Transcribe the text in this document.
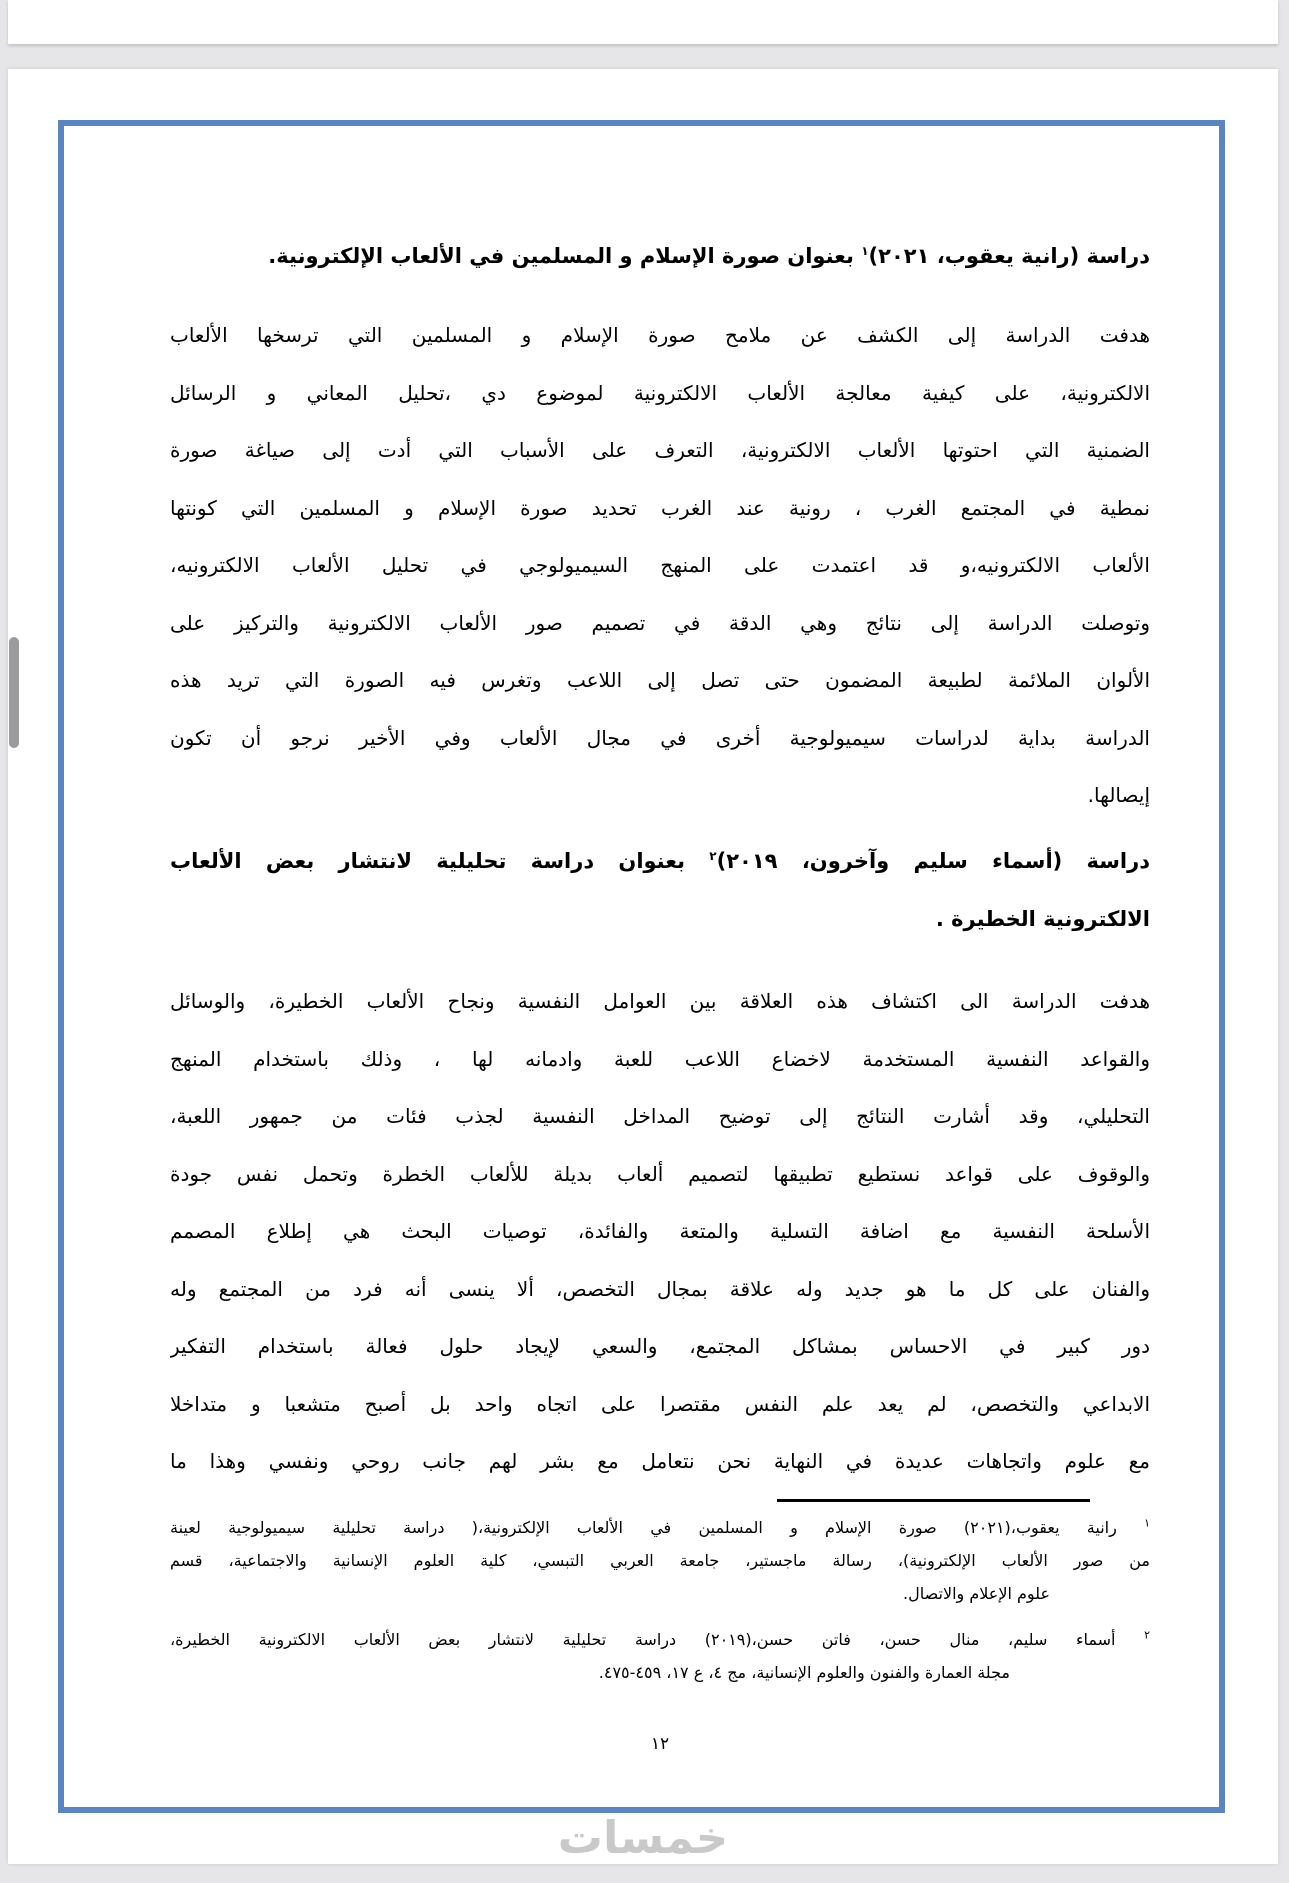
دراسة (رانية يعقوب، ٢٠٢١)$^١$ بعنوان صورة الإسلام و المسلمين في الألعاب الإلكترونية.
هدفت الدراسة إلى الكشف عن ملامح صورة الإسلام و المسلمين التي ترسخها الألعاب
الالكترونية، على كيفية معالجة الألعاب الالكترونية لموضوع دي ،تحليل المعاني و الرسائل
الضمنية التي احتوتها الألعاب الالكترونية، التعرف على الأسباب التي أدت إلى صياغة صورة
نمطية في المجتمع الغرب ، رونية عند الغرب تحديد صورة الإسلام و المسلمين التي كونتها
الألعاب الالكترونيه،و قد اعتمدت على المنهج السيميولوجي في تحليل الألعاب الالكترونيه،
وتوصلت الدراسة إلى نتائج وهي الدقة في تصميم صور الألعاب الالكترونية والتركيز على
الألوان الملائمة لطبيعة المضمون حتى تصل إلى اللاعب وتغرس فيه الصورة التي تريد هذه
الدراسة بداية لدراسات سيميولوجية أخرى في مجال الألعاب وفي الأخير نرجو أن تكون
إيصالها.
دراسة (أسماء سليم وآخرون، ٢٠١٩)$^٢$ بعنوان دراسة تحليلية لانتشار بعض الألعاب
الالكترونية الخطيرة .
هدفت الدراسة الى اكتشاف هذه العلاقة بين العوامل النفسية ونجاح الألعاب الخطيرة، والوسائل
والقواعد النفسية المستخدمة لاخضاع اللاعب للعبة وادمانه لها ، وذلك باستخدام المنهج
التحليلي، وقد أشارت النتائج إلى توضيح المداخل النفسية لجذب فئات من جمهور اللعبة،
والوقوف على قواعد نستطيع تطبيقها لتصميم ألعاب بديلة للألعاب الخطرة وتحمل نفس جودة
الأسلحة النفسية مع اضافة التسلية والمتعة والفائدة، توصيات البحث هي إطلاع المصمم
والفنان على كل ما هو جديد وله علاقة بمجال التخصص، ألا ينسى أنه فرد من المجتمع وله
دور كبير في الاحساس بمشاكل المجتمع، والسعي لإيجاد حلول فعالة باستخدام التفكير
الابداعي والتخصص، لم يعد علم النفس مقتصرا على اتجاه واحد بل أصبح متشعبا و متداخلا
مع علوم واتجاهات عديدة في النهاية نحن نتعامل مع بشر لهم جانب روحي ونفسي وهذا ما
$^١$ رانية يعقوب،(٢٠٢١) صورة الإسلام و المسلمين في الألعاب الإلكترونية،( دراسة تحليلية سيميولوجية لعينة
من صور الألعاب الإلكترونية)، رسالة ماجستير، جامعة العربي التبسي، كلية العلوم الإنسانية والاجتماعية، قسم
علوم الإعلام والاتصال.
$^٢$ أسماء سليم، منال حسن، فاتن حسن،(٢٠١٩) دراسة تحليلية لانتشار بعض الألعاب الالكترونية الخطيرة،
مجلة العمارة والفنون والعلوم الإنسانية، مج ٤، ع ١٧، ٤٥٩-٤٧٥.
١٢
خمسات
